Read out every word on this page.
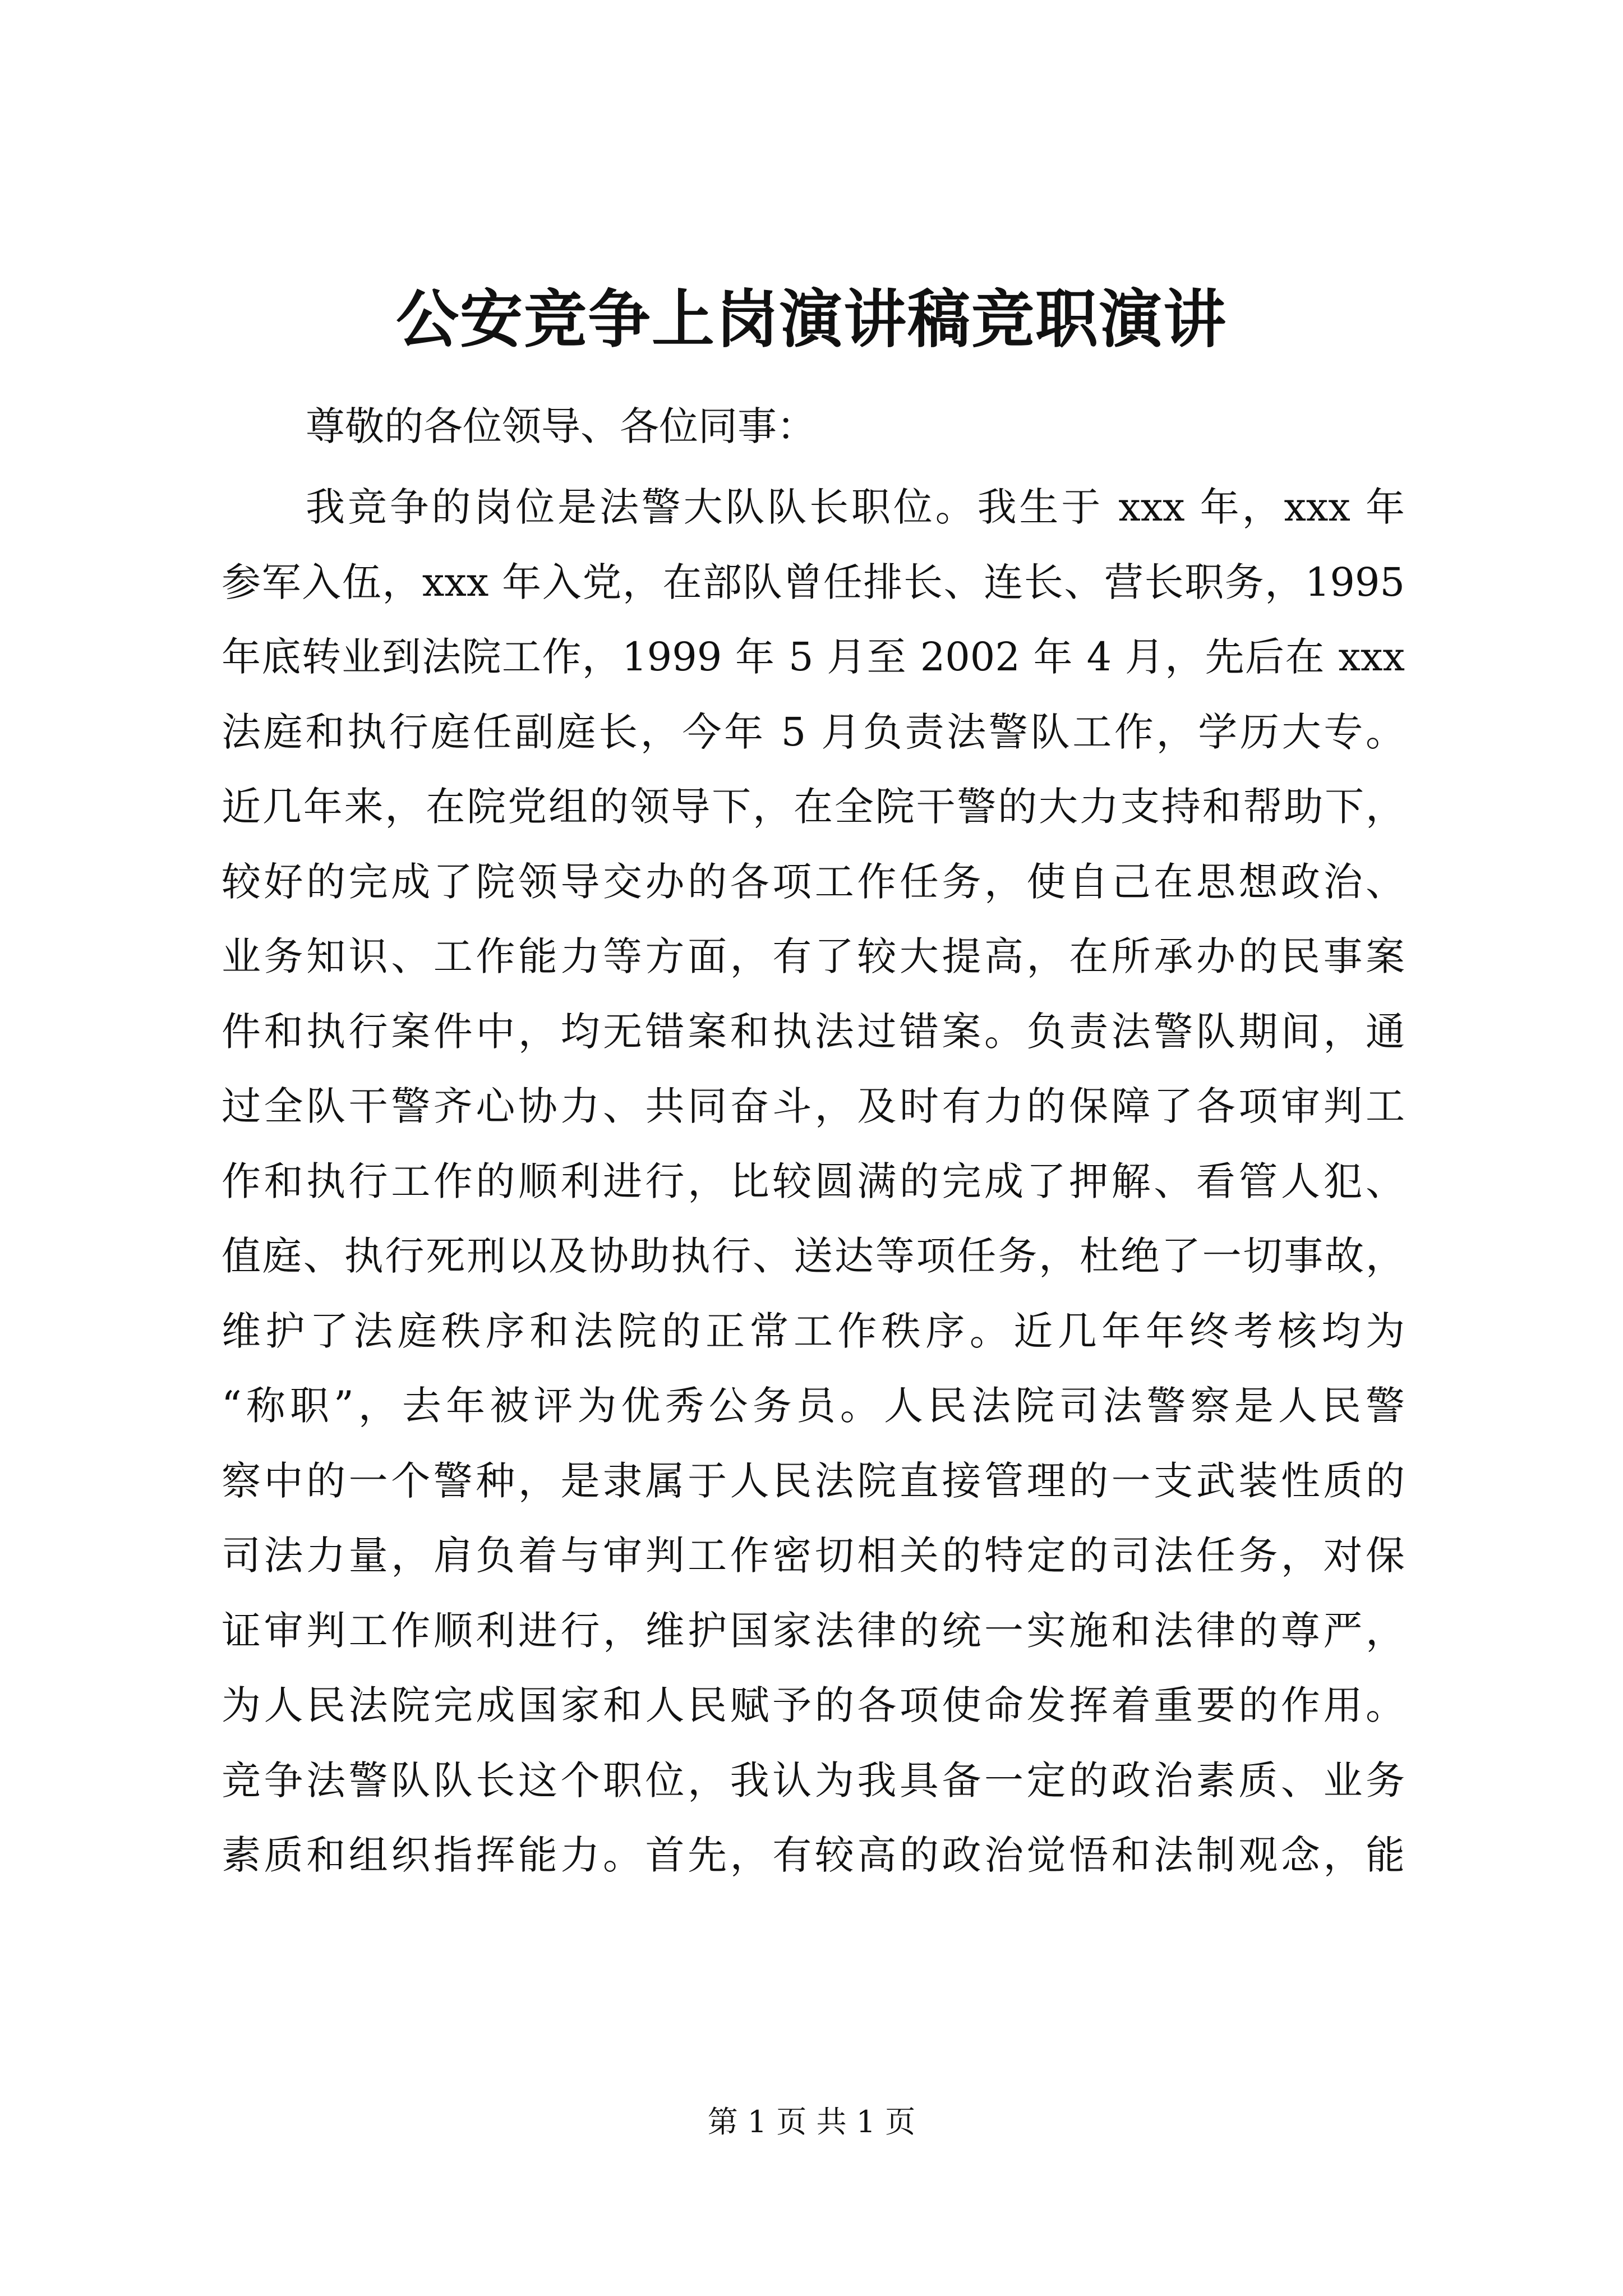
公安竞争上岗演讲稿竞职演讲

尊敬的各位领导、各位同事：

我竞争的岗位是法警大队队长职位。我生于 xxx 年，xxx 年
参军入伍，xxx 年入党，在部队曾任排长、连长、营长职务，1995
年底转业到法院工作，1999 年 5 月至 2002 年 4 月，先后在 xxx
法庭和执行庭任副庭长，今年 5 月负责法警队工作，学历大专。
近几年来，在院党组的领导下，在全院干警的大力支持和帮助下，
较好的完成了院领导交办的各项工作任务，使自己在思想政治、
业务知识、工作能力等方面，有了较大提高，在所承办的民事案
件和执行案件中，均无错案和执法过错案。负责法警队期间，通
过全队干警齐心协力、共同奋斗，及时有力的保障了各项审判工
作和执行工作的顺利进行，比较圆满的完成了押解、看管人犯、
值庭、执行死刑以及协助执行、送达等项任务，杜绝了一切事故，
维护了法庭秩序和法院的正常工作秩序。近几年年终考核均为
“称职”，去年被评为优秀公务员。人民法院司法警察是人民警
察中的一个警种，是隶属于人民法院直接管理的一支武装性质的
司法力量，肩负着与审判工作密切相关的特定的司法任务，对保
证审判工作顺利进行，维护国家法律的统一实施和法律的尊严，
为人民法院完成国家和人民赋予的各项使命发挥着重要的作用。
竞争法警队队长这个职位，我认为我具备一定的政治素质、业务
素质和组织指挥能力。首先，有较高的政治觉悟和法制观念，能

第 1 页 共 1 页
